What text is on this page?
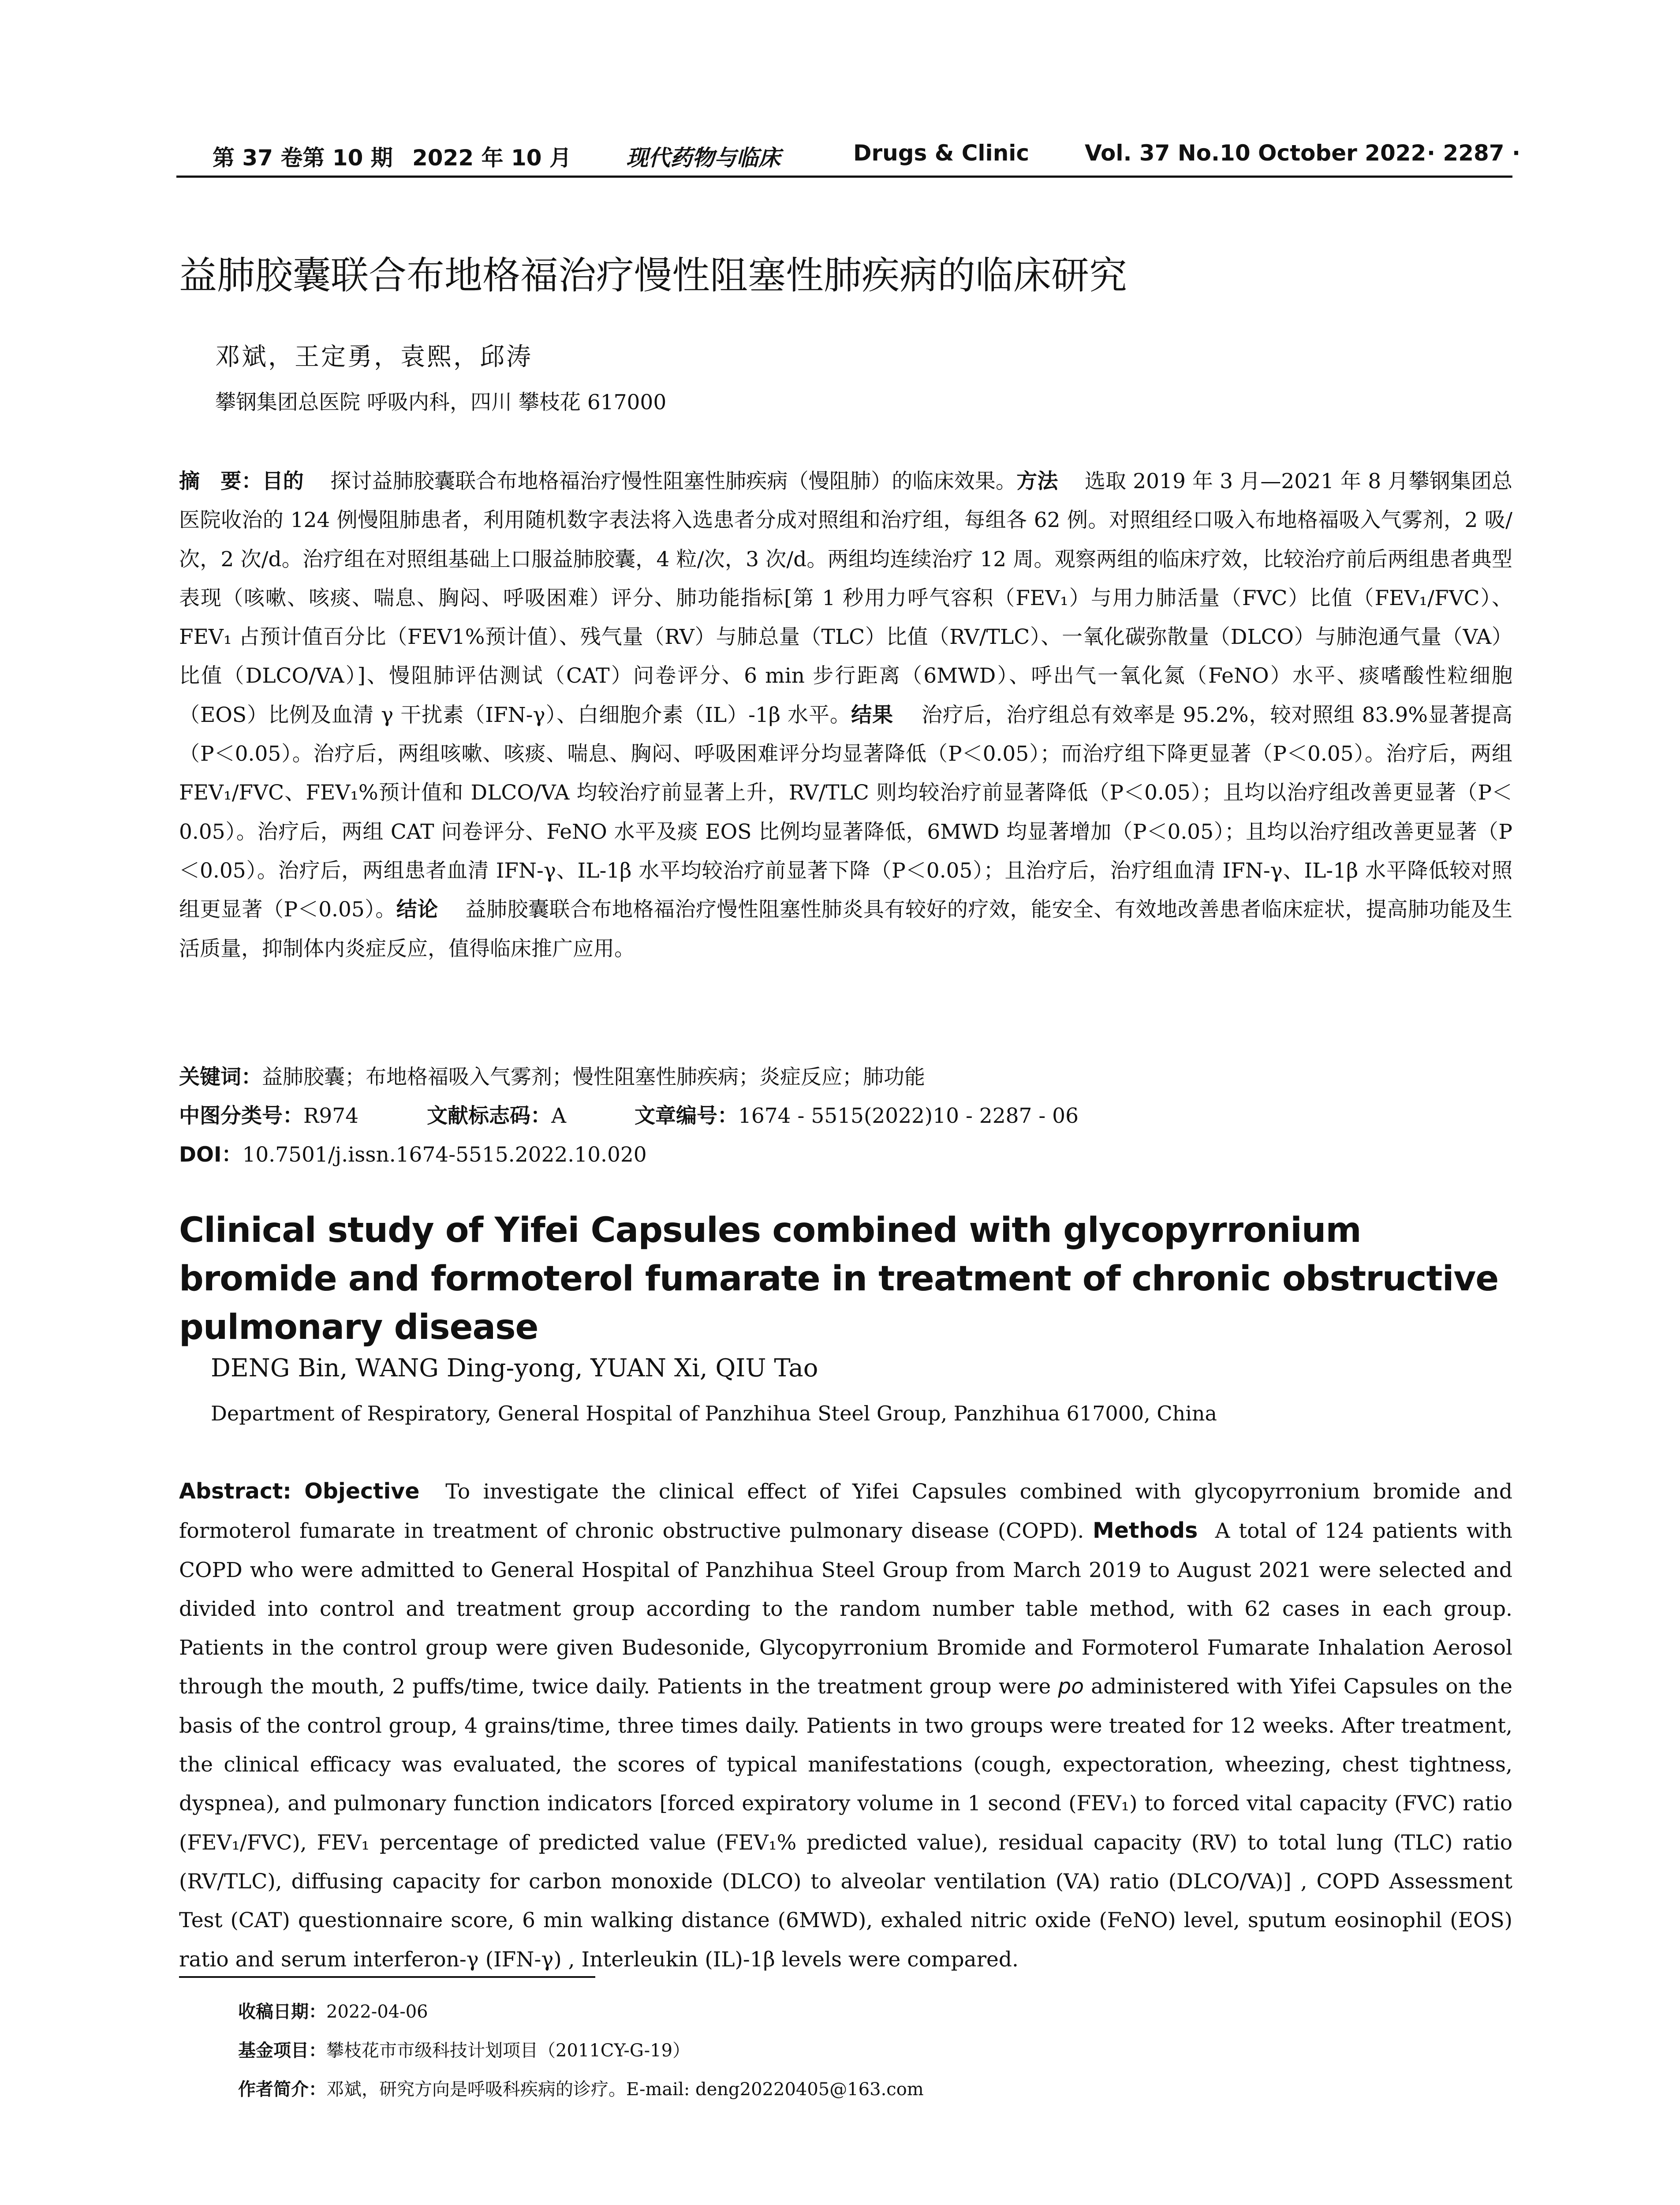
第 37 卷第 10 期 2022 年 10 月 现代药物与临床	Drugs & Clinic	Vol. 37 No.10 October 2022 · 2287 ·
益肺胶囊联合布地格福治疗慢性阻塞性肺疾病的临床研究
邓斌，王定勇，袁熙，邱涛
攀钢集团总医院 呼吸内科，四川 攀枝花 617000
摘　要：目的 探讨益肺胶囊联合布地格福治疗慢性阻塞性肺疾病（慢阻肺）的临床效果。方法 选取 2019 年 3 月—2021 年 8 月攀钢集团总医院收治的 124 例慢阻肺患者，利用随机数字表法将入选患者分成对照组和治疗组，每组各 62 例。对照组经口吸入布地格福吸入气雾剂，2 吸/次，2 次/d。治疗组在对照组基础上口服益肺胶囊，4 粒/次，3 次/d。两组均连续治疗 12 周。观察两组的临床疗效，比较治疗前后两组患者典型表现（咳嗽、咳痰、喘息、胸闷、呼吸困难）评分、肺功能指标[第 1 秒用力呼气容积（FEV₁）与用力肺活量（FVC）比值（FEV₁/FVC）、FEV₁ 占预计值百分比（FEV1%预计值）、残气量（RV）与肺总量（TLC）比值（RV/TLC）、一氧化碳弥散量（DLCO）与肺泡通气量（VA）比值（DLCO/VA）]、慢阻肺评估测试（CAT）问卷评分、6 min 步行距离（6MWD）、呼出气一氧化氮（FeNO）水平、痰嗜酸性粒细胞（EOS）比例及血清 γ 干扰素（IFN-γ）、白细胞介素（IL）-1β 水平。结果 治疗后，治疗组总有效率是 95.2%，较对照组 83.9%显著提高（P＜0.05）。治疗后，两组咳嗽、咳痰、喘息、胸闷、呼吸困难评分均显著降低（P＜0.05）；而治疗组下降更显著（P＜0.05）。治疗后，两组 FEV₁/FVC、FEV₁%预计值和 DLCO/VA 均较治疗前显著上升，RV/TLC 则均较治疗前显著降低（P＜0.05）；且均以治疗组改善更显著（P＜0.05）。治疗后，两组 CAT 问卷评分、FeNO 水平及痰 EOS 比例均显著降低，6MWD 均显著增加（P＜0.05）；且均以治疗组改善更显著（P＜0.05）。治疗后，两组患者血清 IFN-γ、IL-1β 水平均较治疗前显著下降（P＜0.05）；且治疗后，治疗组血清 IFN-γ、IL-1β 水平降低较对照组更显著（P＜0.05）。结论 益肺胶囊联合布地格福治疗慢性阻塞性肺炎具有较好的疗效，能安全、有效地改善患者临床症状，提高肺功能及生活质量，抑制体内炎症反应，值得临床推广应用。
关键词：益肺胶囊；布地格福吸入气雾剂；慢性阻塞性肺疾病；炎症反应；肺功能
中图分类号：R974	文献标志码：A	文章编号：1674 - 5515(2022)10 - 2287 - 06
DOI：10.7501/j.issn.1674-5515.2022.10.020
Clinical study of Yifei Capsules combined with glycopyrronium bromide and formoterol fumarate in treatment of chronic obstructive pulmonary disease
DENG Bin, WANG Ding-yong, YUAN Xi, QIU Tao
Department of Respiratory, General Hospital of Panzhihua Steel Group, Panzhihua 617000, China
Abstract: Objective To investigate the clinical effect of Yifei Capsules combined with glycopyrronium bromide and formoterol fumarate in treatment of chronic obstructive pulmonary disease (COPD). Methods A total of 124 patients with COPD who were admitted to General Hospital of Panzhihua Steel Group from March 2019 to August 2021 were selected and divided into control and treatment group according to the random number table method, with 62 cases in each group. Patients in the control group were given Budesonide, Glycopyrronium Bromide and Formoterol Fumarate Inhalation Aerosol through the mouth, 2 puffs/time, twice daily. Patients in the treatment group were po administered with Yifei Capsules on the basis of the control group, 4 grains/time, three times daily. Patients in two groups were treated for 12 weeks. After treatment, the clinical efficacy was evaluated, the scores of typical manifestations (cough, expectoration, wheezing, chest tightness, dyspnea), and pulmonary function indicators [forced expiratory volume in 1 second (FEV₁) to forced vital capacity (FVC) ratio (FEV₁/FVC), FEV₁ percentage of predicted value (FEV₁% predicted value), residual capacity (RV) to total lung (TLC) ratio (RV/TLC), diffusing capacity for carbon monoxide (DLCO) to alveolar ventilation (VA) ratio (DLCO/VA)] , COPD Assessment Test (CAT) questionnaire score, 6 min walking distance (6MWD), exhaled nitric oxide (FeNO) level, sputum eosinophil (EOS) ratio and serum interferon-γ (IFN-γ) , Interleukin (IL)-1β levels were compared.
收稿日期：2022-04-06
基金项目：攀枝花市市级科技计划项目（2011CY-G-19）
作者简介：邓斌，研究方向是呼吸科疾病的诊疗。E-mail: deng20220405@163.com
